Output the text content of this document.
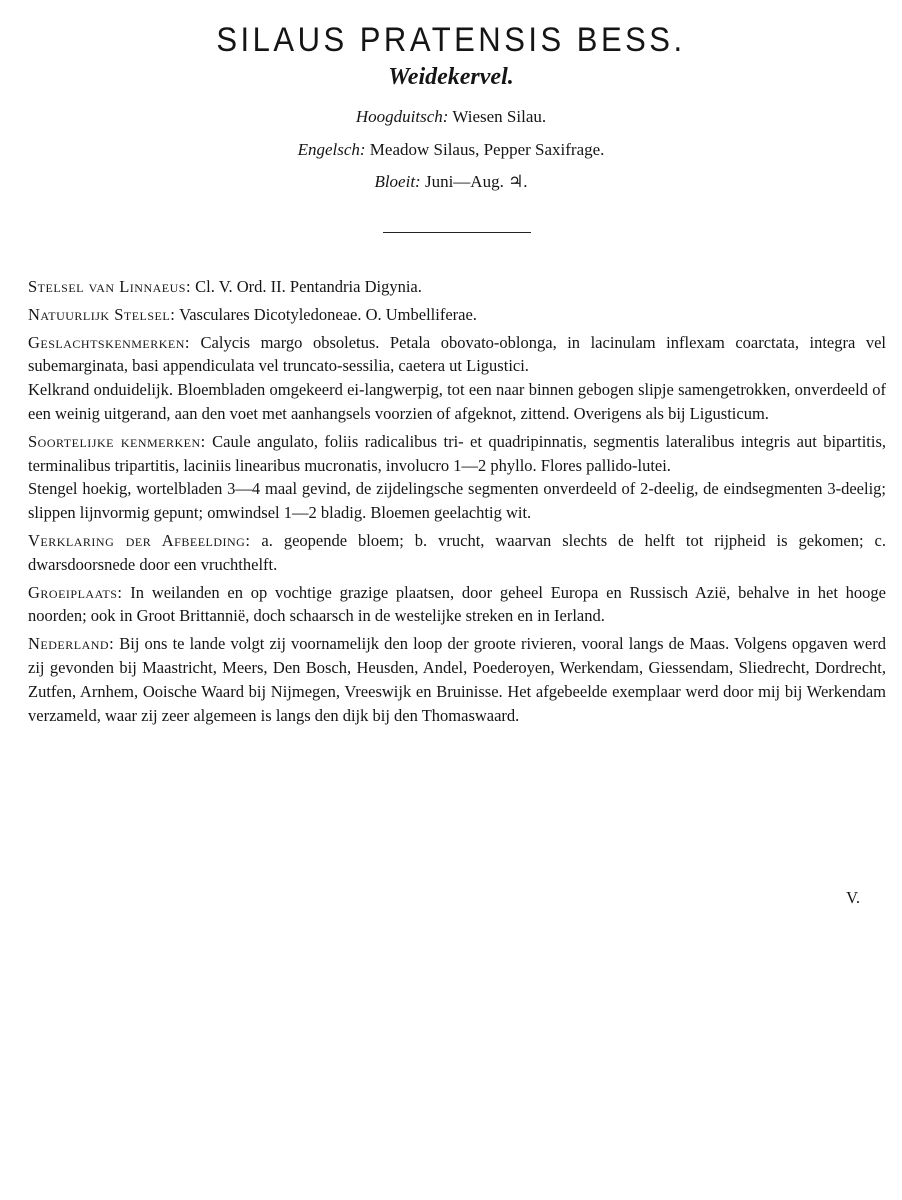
SILAUS PRATENSIS BESS.
Weidekervel.
Hoogduitsch: Wiesen Silau.
Engelsch: Meadow Silaus, Pepper Saxifrage.
Bloeit: Juni—Aug. ♃.

Stelsel van Linnaeus: Cl. V. Ord. II. Pentandria Digynia.

Natuurlijk Stelsel: Vasculares Dicotyledoneae. O. Umbelliferae.

Geslachtskenmerken: Calycis margo obsoletus. Petala obovato-oblonga, in lacinulam inflexam coarctata, integra vel subemarginata, basi appendiculata vel truncato-sessilia, caetera ut Ligustici.

Kelkrand onduidelijk. Bloembladen omgekeerd ei-langwerpig, tot een naar binnen gebogen slipje samengetrokken, onverdeeld of een weinig uitgerand, aan den voet met aanhangsels voorzien of afgeknot, zittend. Overigens als bij Ligusticum.

Soortelijke kenmerken: Caule angulato, foliis radicalibus tri- et quadripinnatis, segmentis lateralibus integris aut bipartitis, terminalibus tripartitis, laciniis linearibus mucronatis, involucro 1—2 phyllo. Flores pallido-lutei.

Stengel hoekig, wortelbladen 3—4 maal gevind, de zijdelingsche segmenten onverdeeld of 2-deelig, de eindsegmenten 3-deelig; slippen lijnvormig gepunt; omwindsel 1—2 bladig. Bloemen geelachtig wit.

Verklaring der Afbeelding: a. geopende bloem; b. vrucht, waarvan slechts de helft tot rijpheid is gekomen; c. dwarsdoorsnede door een vruchthelft.

Groeiplaats: In weilanden en op vochtige grazige plaatsen, door geheel Europa en Russisch Azië, behalve in het hooge noorden; ook in Groot Brittannië, doch schaarsch in de westelijke streken en in Ierland.

Nederland: Bij ons te lande volgt zij voornamelijk den loop der groote rivieren, vooral langs de Maas. Volgens opgaven werd zij gevonden bij Maastricht, Meers, Den Bosch, Heusden, Andel, Poederoyen, Werkendam, Giessendam, Sliedrecht, Dordrecht, Zutfen, Arnhem, Ooische Waard bij Nijmegen, Vreeswijk en Bruinisse. Het afgebeelde exemplaar werd door mij bij Werkendam verzameld, waar zij zeer algemeen is langs den dijk bij den Thomaswaard.

V.
